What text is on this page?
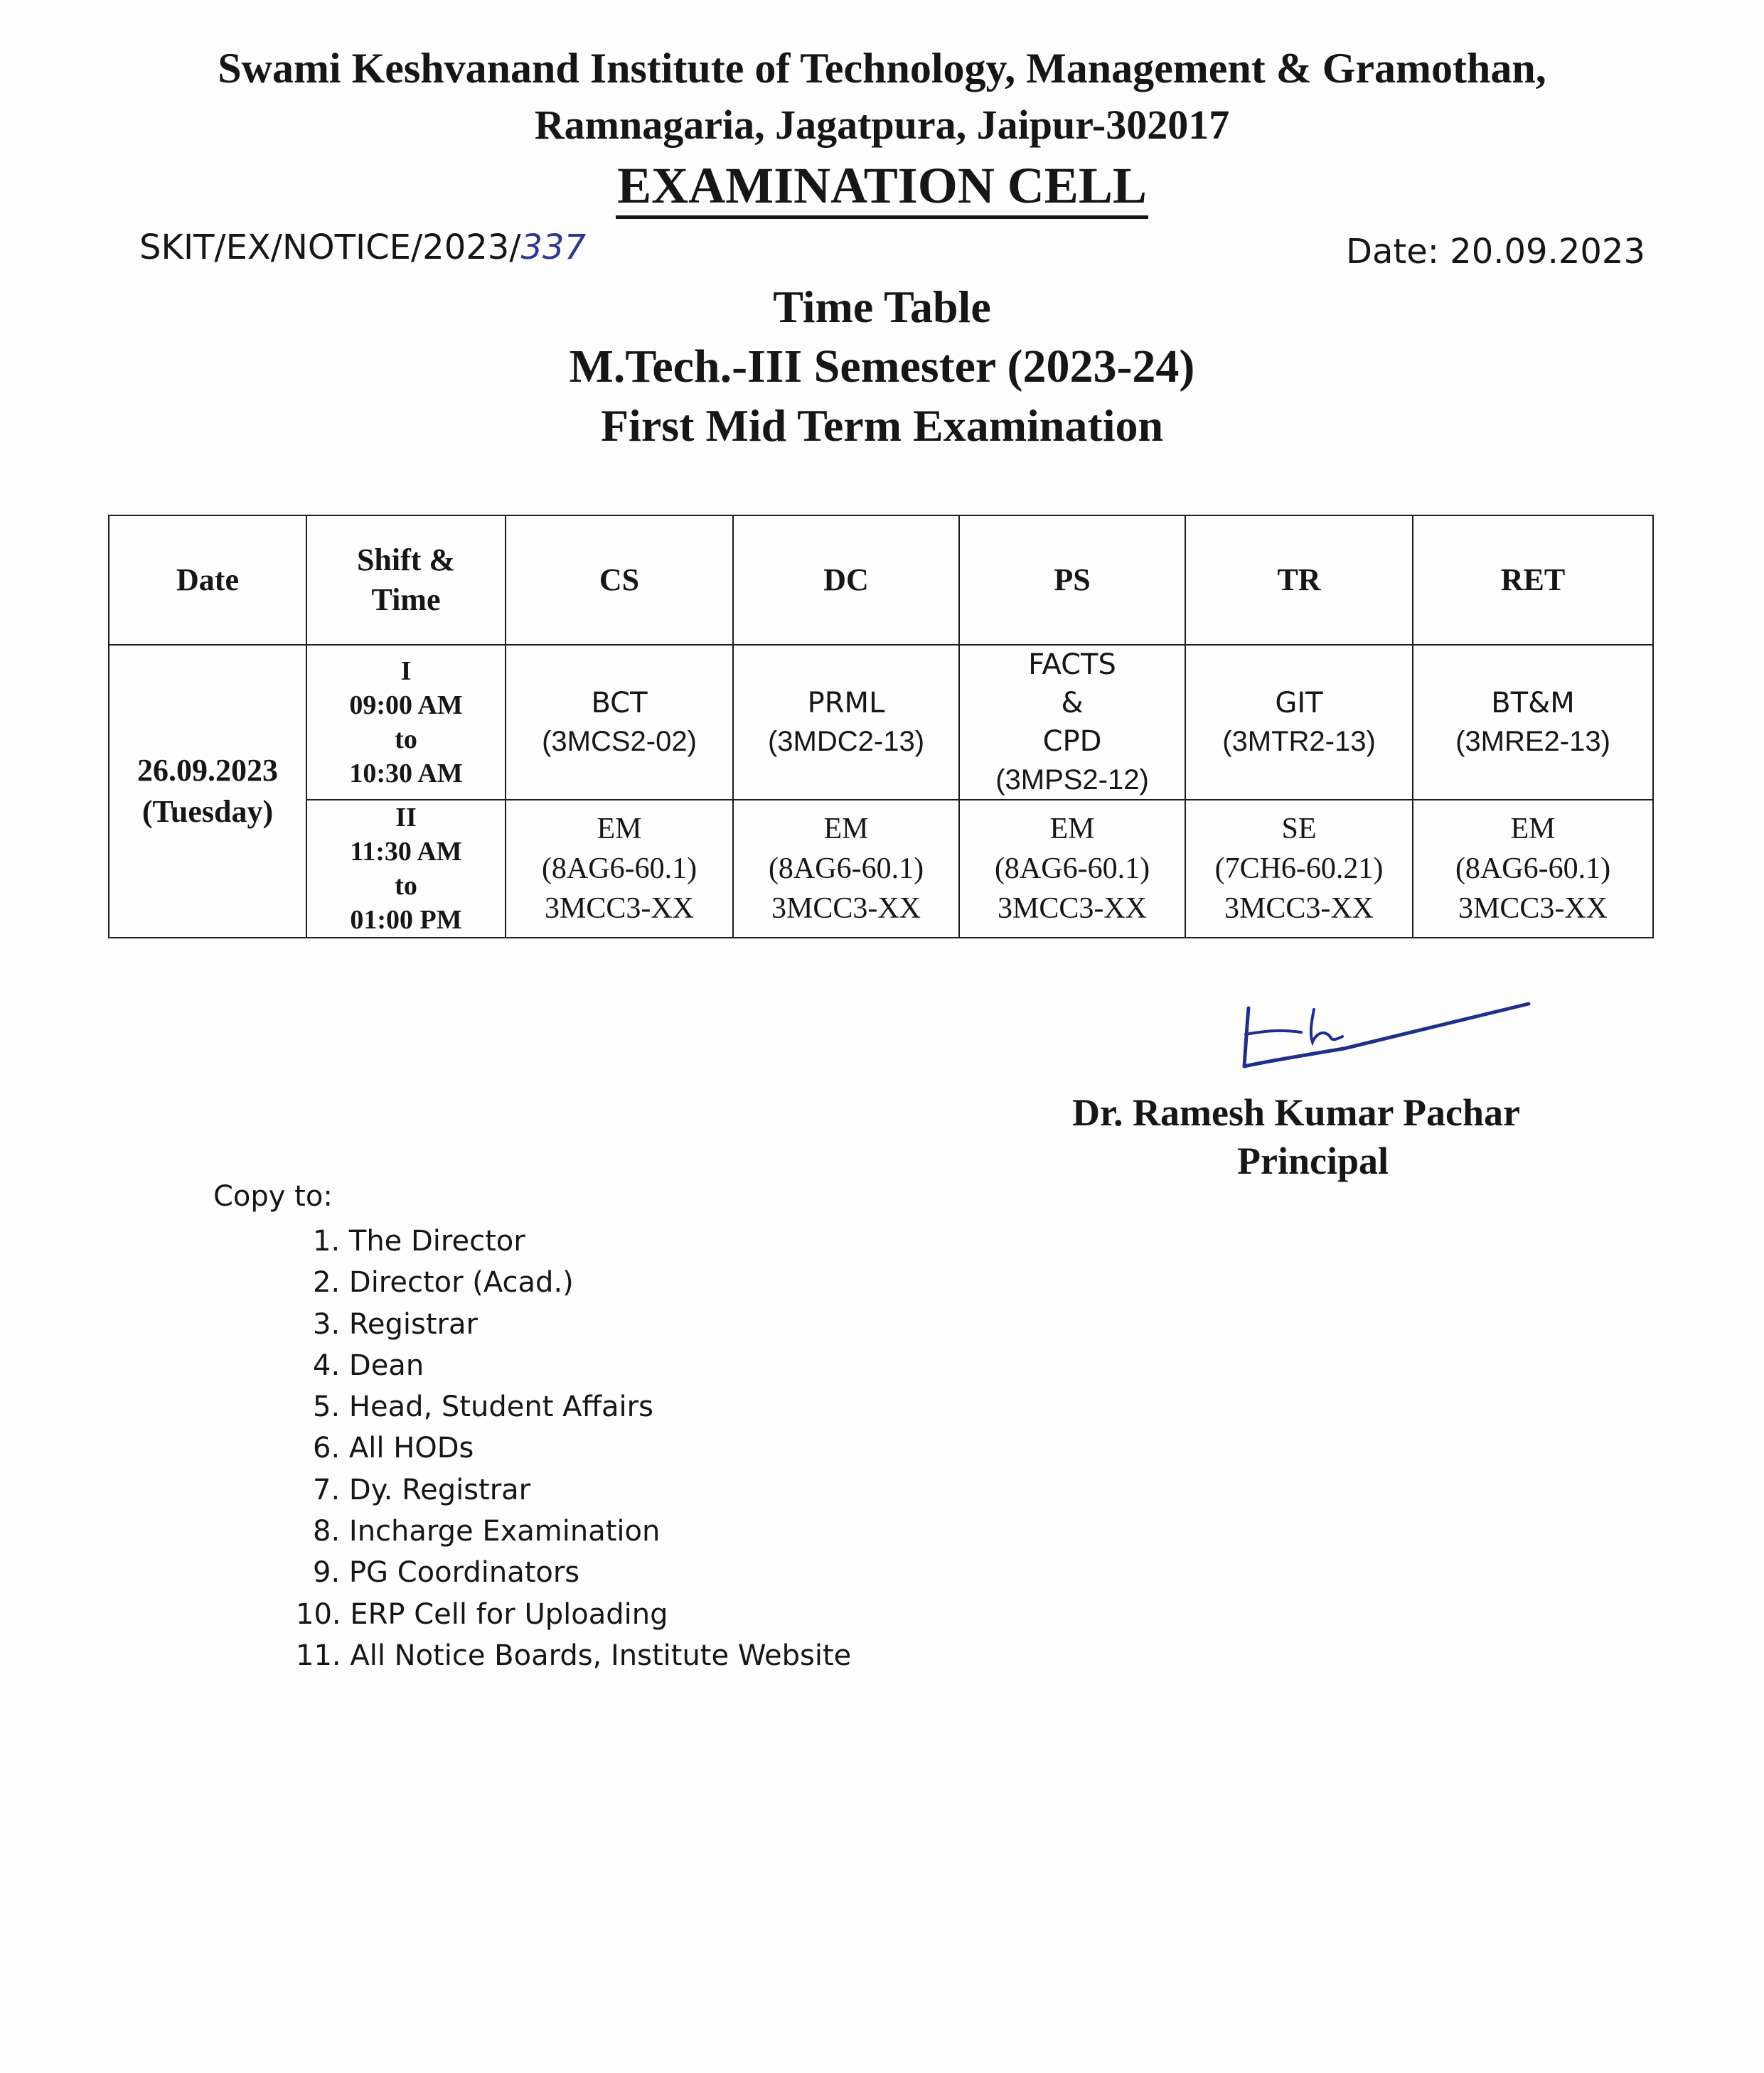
Swami Keshvanand Institute of Technology, Management & Gramothan,
Ramnagaria, Jagatpura, Jaipur-302017
EXAMINATION CELL
SKIT/EX/NOTICE/2023/337	Date: 20.09.2023
Time Table
M.Tech.-III Semester (2023-24)
First Mid Term Examination
Date	Shift &
Time	CS	DC	PS	TR	RET

26.09.2023
(Tuesday)	I
09:00 AM
to
10:30 AM	BCT
(3MCS2-02)	PRML
(3MDC2-13)	FACTS
&
CPD
(3MPS2-12)	GIT
(3MTR2-13)	BT&M
(3MRE2-13)

	II
11:30 AM
to
01:00 PM	EM
(8AG6-60.1)
3MCC3-XX	EM
(8AG6-60.1)
3MCC3-XX	EM
(8AG6-60.1)
3MCC3-XX	SE
(7CH6-60.21)
3MCC3-XX	EM
(8AG6-60.1)
3MCC3-XX
Dr. Ramesh Kumar Pachar
Principal
Copy to:
1. The Director
2. Director (Acad.)
3. Registrar
4. Dean
5. Head, Student Affairs
6. All HODs
7. Dy. Registrar
8. Incharge Examination
9. PG Coordinators
10. ERP Cell for Uploading
11. All Notice Boards, Institute Website
